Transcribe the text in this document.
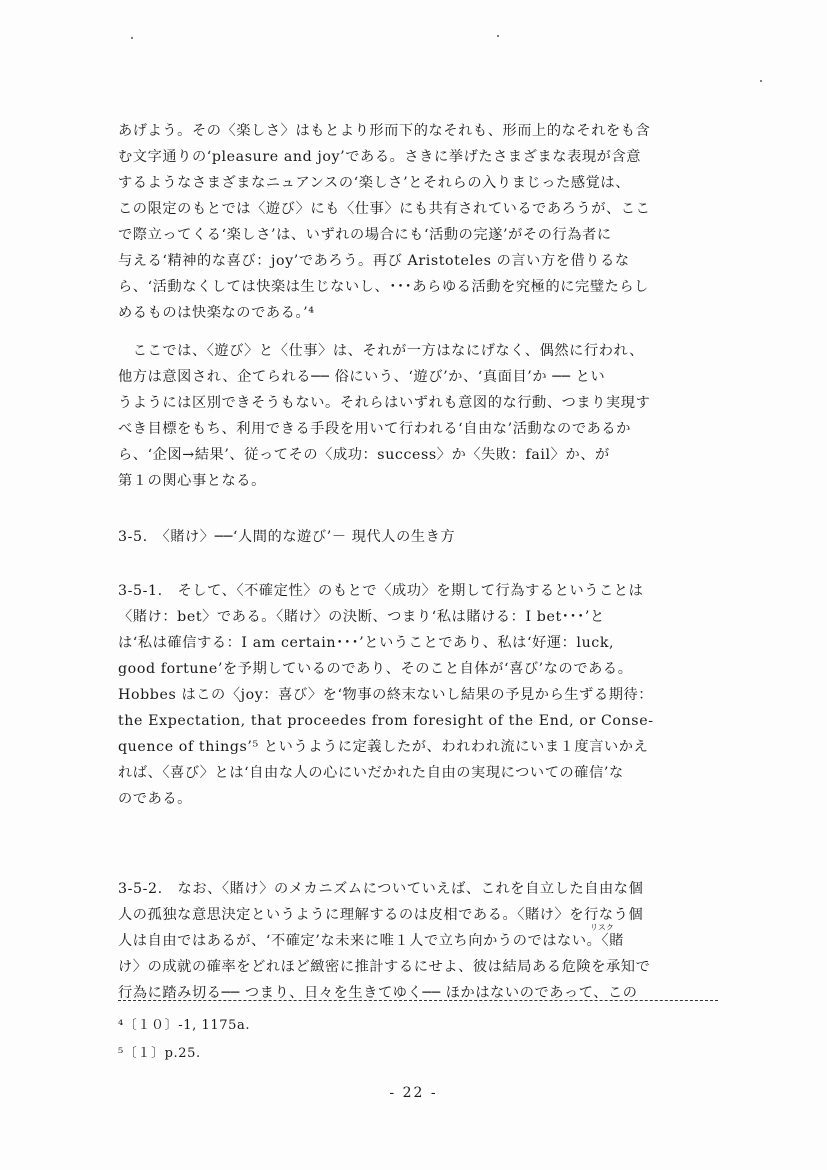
あげよう。その〈楽しさ〉はもとより形而下的なそれも、形而上的なそれをも含
む文字通りの‘pleasure and joy’である。さきに挙げたさまざまな表現が含意
するようなさまざまなニュアンスの‘楽しさ’とそれらの入りまじった感覚は、
この限定のもとでは〈遊び〉にも〈仕事〉にも共有されているであろうが、ここ
で際立ってくる‘楽しさ’は、いずれの場合にも‘活動の完遂’がその行為者に
与える‘精神的な喜び：joy’であろう。再び Aristoteles の言い方を借りるな
ら、‘活動なくしては快楽は生じないし、･･･あらゆる活動を究極的に完璧たらし
めるものは快楽なのである。’⁴
　ここでは、〈遊び〉と〈仕事〉は、それが一方はなにげなく、偶然に行われ、
他方は意図され、企てられる── 俗にいう、‘遊び’か、‘真面目’か ── とい
うようには区別できそうもない。それらはいずれも意図的な行動、つまり実現す
べき目標をもち、利用できる手段を用いて行われる‘自由な’活動なのであるか
ら、‘企図→結果’、従ってその〈成功：success〉か〈失敗：fail〉か、が
第１の関心事となる。
3-5.　〈賭け〉──‘人間的な遊び’－ 現代人の生き方
3-5-1.　そして、〈不確定性〉のもとで〈成功〉を期して行為するということは
〈賭け：bet〉である。〈賭け〉の決断、つまり‘私は賭ける：I bet･･･’と
は‘私は確信する：I am certain･･･’ということであり、私は‘好運：luck,
good fortune’を予期しているのであり、そのこと自体が‘喜び’なのである。
Hobbes はこの〈joy：喜び〉を‘物事の終末ないし結果の予見から生ずる期待：
the Expectation, that proceedes from foresight of the End, or Conse-
quence of things’⁵ というように定義したが、われわれ流にいま１度言いかえ
れば、〈喜び〉とは‘自由な人の心にいだかれた自由の実現についての確信’な
のである。
3-5-2.　なお、〈賭け〉のメカニズムについていえば、これを自立した自由な個
人の孤独な意思決定というように理解するのは皮相である。〈賭け〉を行なう個
人は自由ではあるが、‘不確定’な未来に唯１人で立ち向かうのではない。〈賭
け〉の成就の確率をどれほど緻密に推計するにせよ、彼は結局ある危険を承知で
行為に踏み切る── つまり、日々を生きてゆく── ほかはないのであって、この
リスク
⁴〔１０〕-1, 1175a.
⁵〔１〕p.25.
- 22 -
